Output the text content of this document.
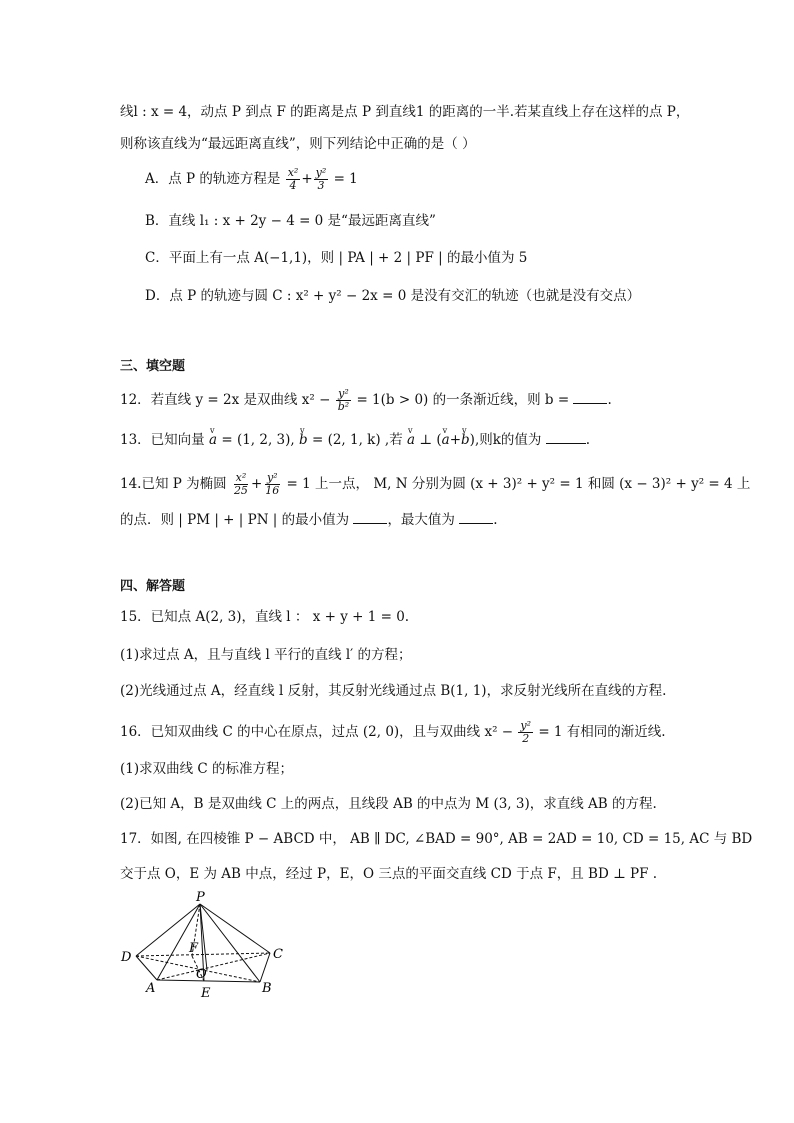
线l : x = 4，动点 P 到点 F 的距离是点 P 到直线1 的距离的一半.若某直线上存在这样的点 P，
则称该直线为“最远距离直线”，则下列结论中正确的是（ ）
A．点 P 的轨迹方程是 $\frac{\text{x²}}{4} + \frac{\text{y²}}{3} = 1$
B．直线 l₁ : x + 2y − 4 = 0 是“最远距离直线”
C．平面上有一点 A(−1,1)，则 | PA | + 2 | PF | 的最小值为 5
D．点 P 的轨迹与圆 C : x² + y² − 2x = 0 是没有交汇的轨迹（也就是没有交点）
三、填空题
12．若直线 y = 2x 是双曲线 $x^2 - \frac{\text{y²}}{\text{b²}} = 1(b > 0)$ 的一条渐近线，则 b =	.
13．已知向量 v a = (1, 2, 3), v b = (2, 1, k) ,若 v a ⊥ (v a+v b),则k的值为	.
14.已知 P 为椭圆 $\frac{\text{x²}}{25} + \frac{\text{y²}}{16} = 1$ 上一点， M, N 分别为圆 (x + 3)² + y² = 1 和圆 (x − 3)² + y² = 4 上
的点．则 | PM | + | PN | 的最小值为	，最大值为	.
四、解答题
15．已知点 A(2, 3)，直线 l ： x + y + 1 = 0.
(1)求过点 A，且与直线 l 平行的直线 l′ 的方程；
(2)光线通过点 A，经直线 l 反射，其反射光线通过点 B(1, 1)，求反射光线所在直线的方程.
16．已知双曲线 C 的中心在原点，过点 (2, 0)，且与双曲线 $x^2 - \frac{\text{y²}}{2} = 1$ 有相同的渐近线.
(1)求双曲线 C 的标准方程；
(2)已知 A，B 是双曲线 C 上的两点，且线段 AB 的中点为 M (3, 3)，求直线 AB 的方程.
17．如图, 在四棱锥 P − ABCD 中， AB ∥ DC, ∠BAD = 90°, AB = 2AD = 10, CD = 15, AC 与 BD
交于点 O，E 为 AB 中点，经过 P，E，O 三点的平面交直线 CD 于点 F，且 BD ⊥ PF .
P
D	C
F
O
A	E	B
